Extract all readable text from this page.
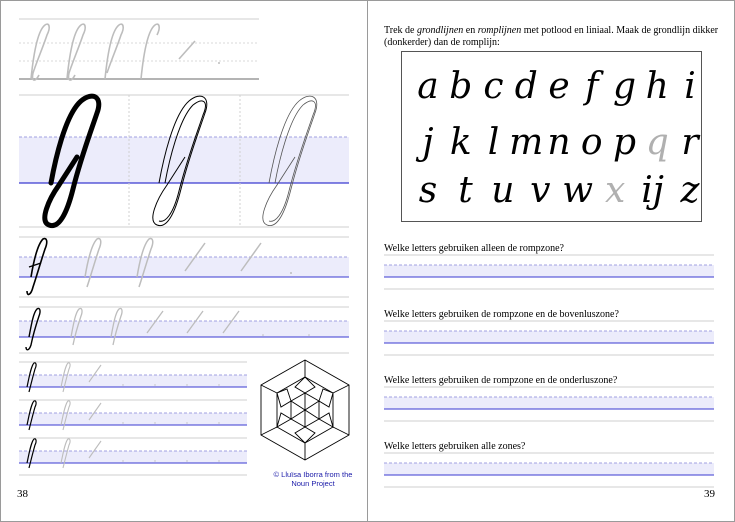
© Lluïsa Iborra from the
Noun Project
38
Trek de grondlijnen en romplijnen met potlood en liniaal. Maak de grondlijn dikker (donkerder) dan de romplijn:
a b c d e f g h i
j k l m n o p q r
s t u v w x ij z
Welke letters gebruiken alleen de rompzone?
Welke letters gebruiken de rompzone en de bovenluszone?
Welke letters gebruiken de rompzone en de onderluszone?
Welke letters gebruiken alle zones?
39
